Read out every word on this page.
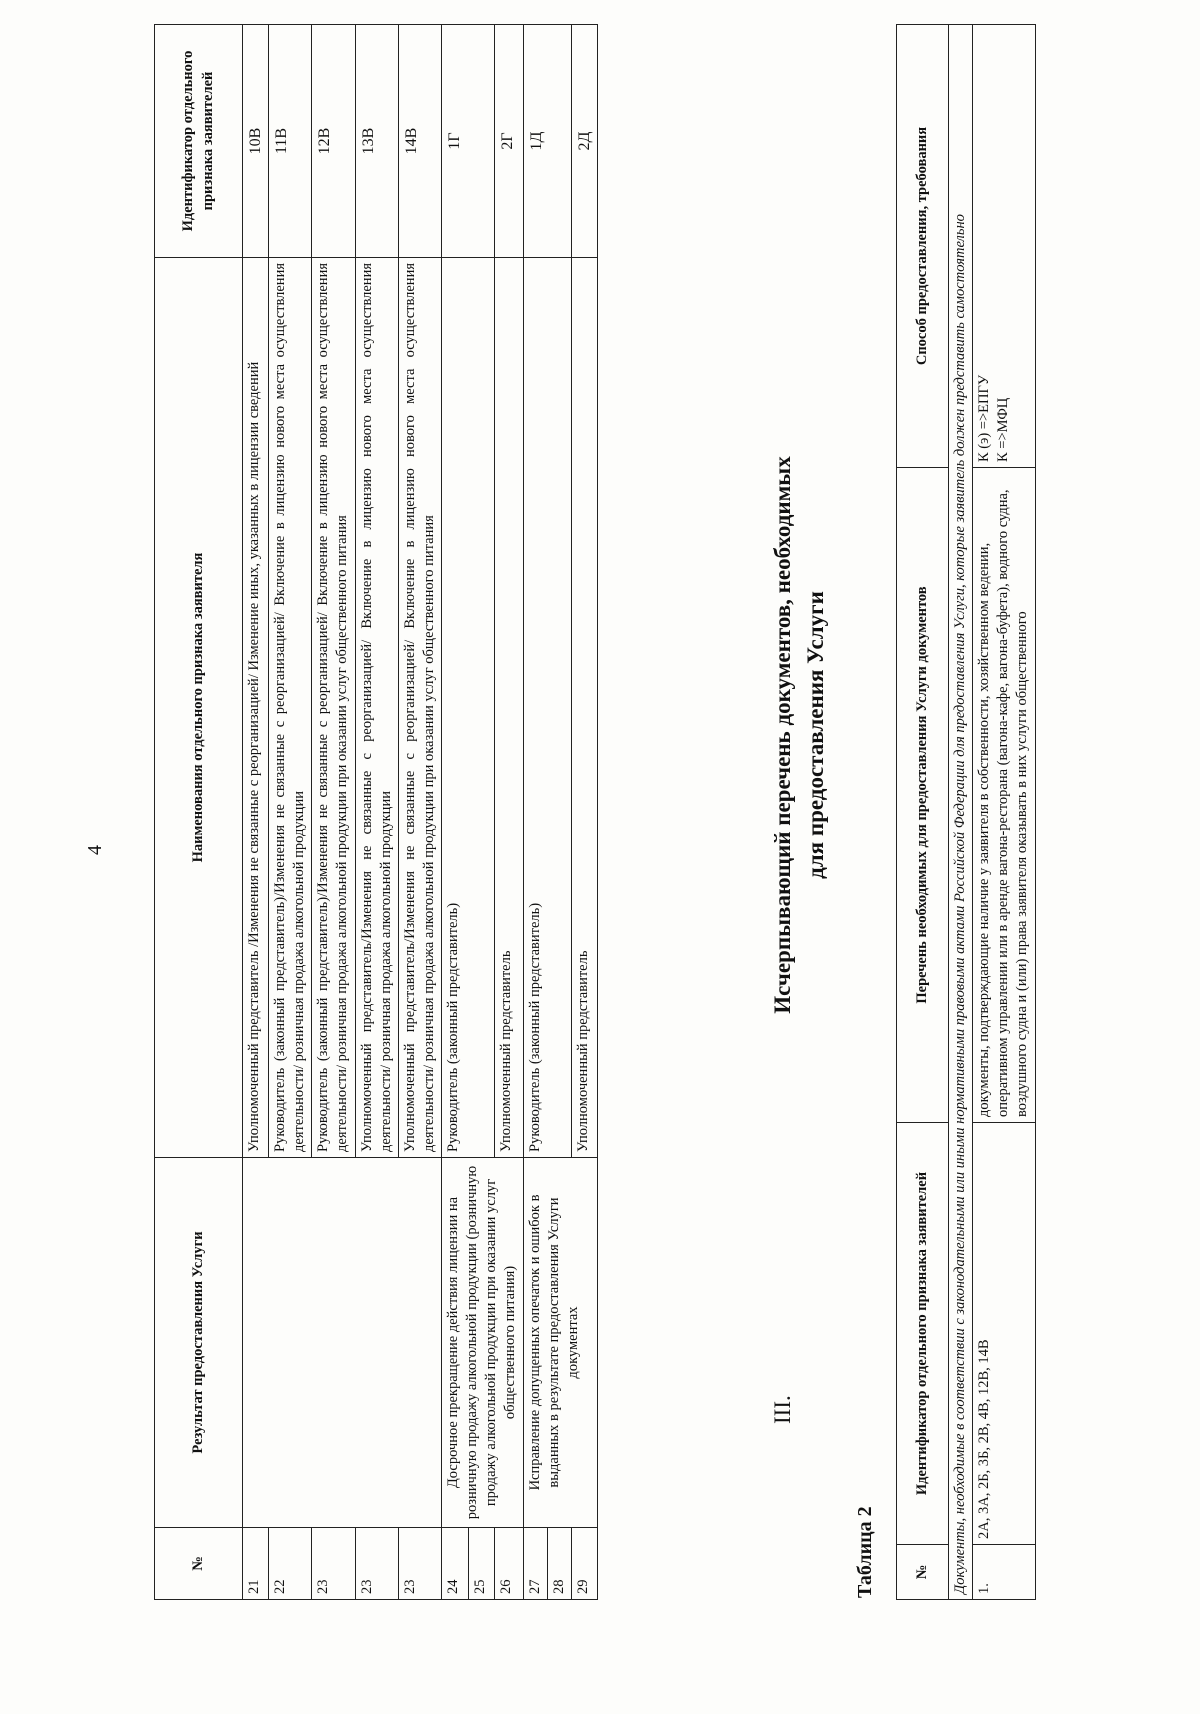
4
№	Результат предоставления Услуги	Наименования отдельного признака заявителя	Идентификатор отдельного признака заявителей
21		Уполномоченный представитель /Изменения не связанные с реорганизацией/ Изменение иных, указанных в лицензии сведений	10В
22		Руководитель (законный представитель)/Изменения не связанные с реорганизацией/ Включение в лицензию нового места осуществления деятельности/ розничная продажа алкогольной продукции	11В
23		Руководитель (законный представитель)/Изменения не связанные с реорганизацией/ Включение в лицензию нового места осуществления деятельности/ розничная продажа алкогольной продукции при оказании услуг общественного питания	12В
23		Уполномоченный представитель/Изменения не связанные с реорганизацией/ Включение в лицензию нового места осуществления деятельности/ розничная продажа алкогольной продукции	13В
23		Уполномоченный представитель/Изменения не связанные с реорганизацией/ Включение в лицензию нового места осуществления деятельности/ розничная продажа алкогольной продукции при оказании услуг общественного питания	14В
24	Досрочное прекращение действия лицензии на розничную продажу алкогольной продукции (розничную продажу алкогольной продукции при оказании услуг общественного питания)	Руководитель (законный представитель)	1Г
25			
26		Уполномоченный представитель	2Г
27	Исправление допущенных опечаток и ошибок в выданных в результате предоставления Услуги документах	Руководитель (законный представитель)	1Д
28			
29		Уполномоченный представитель	2Д
III.
Исчерпывающий перечень документов, необходимых для предоставления Услуги
Таблица 2	№	Идентификатор отдельного признака заявителей	Перечень необходимых для предоставления Услуги документов	Способ предоставления, требования
Документы, необходимые в соответствии с законодательными или иными нормативными правовыми актами Российской Федерации для предоставления Услуги, которые заявитель должен представить самостоятельно			
1.	2А, 3А, 2Б, 3Б, 2В, 4В, 12В, 14В	документы, подтверждающие наличие у заявителя в собственности, хозяйственном ведении, оперативном управлении или в аренде вагона-ресторана (вагона-кафе, вагона-буфета), водного судна, воздушного судна и (или) права заявителя оказывать в них услуги общественного	К (э) =>ЕПГУ К =>МФЦ
